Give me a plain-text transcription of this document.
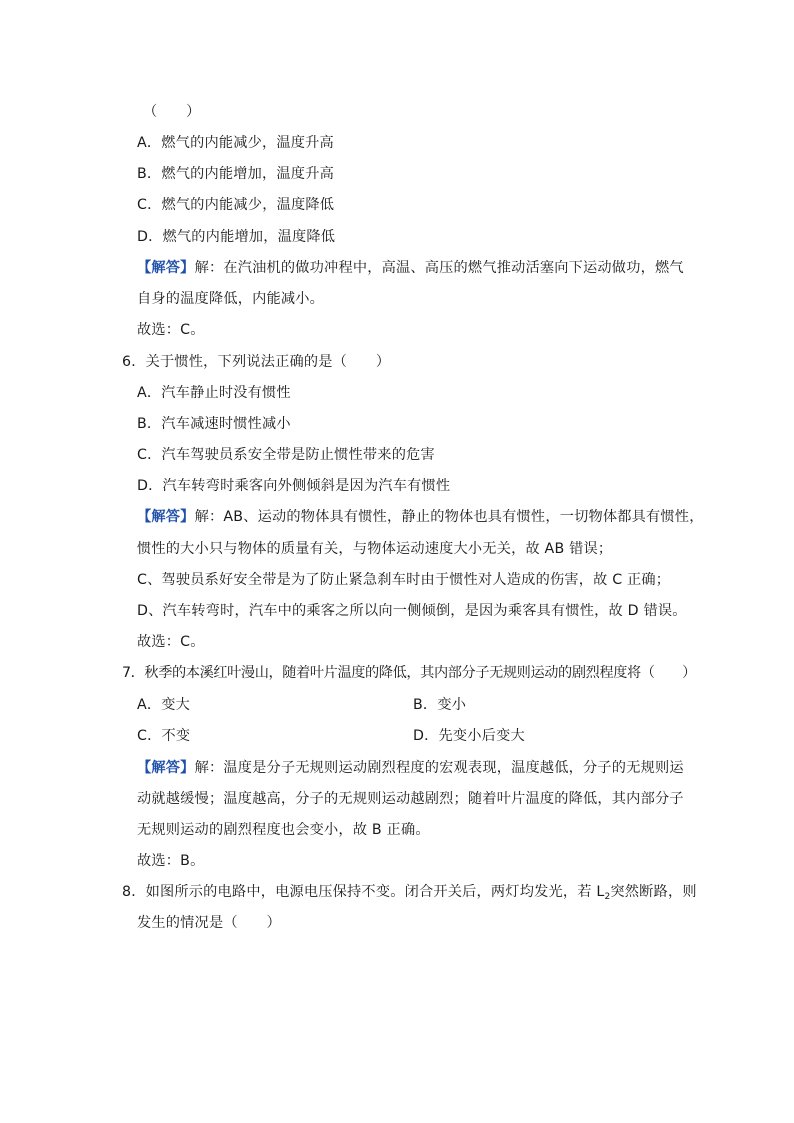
（　　）
A．燃气的内能减少，温度升高
B．燃气的内能增加，温度升高
C．燃气的内能减少，温度降低
D．燃气的内能增加，温度降低
【解答】解：在汽油机的做功冲程中，高温、高压的燃气推动活塞向下运动做功，燃气
自身的温度降低，内能减小。
故选：C。
6．关于惯性，下列说法正确的是（　　）
A．汽车静止时没有惯性
B．汽车减速时惯性减小
C．汽车驾驶员系安全带是防止惯性带来的危害
D．汽车转弯时乘客向外侧倾斜是因为汽车有惯性
【解答】解：AB、运动的物体具有惯性，静止的物体也具有惯性，一切物体都具有惯性，
惯性的大小只与物体的质量有关，与物体运动速度大小无关，故 AB 错误；
C、驾驶员系好安全带是为了防止紧急刹车时由于惯性对人造成的伤害，故 C 正确；
D、汽车转弯时，汽车中的乘客之所以向一侧倾倒，是因为乘客具有惯性，故 D 错误。
故选：C。
7．秋季的本溪红叶漫山，随着叶片温度的降低，其内部分子无规则运动的剧烈程度将（　　）
A．变大	B．变小
C．不变	D．先变小后变大
【解答】解：温度是分子无规则运动剧烈程度的宏观表现，温度越低，分子的无规则运
动就越缓慢；温度越高，分子的无规则运动越剧烈；随着叶片温度的降低，其内部分子
无规则运动的剧烈程度也会变小，故 B 正确。
故选：B。
8．如图所示的电路中，电源电压保持不变。闭合开关后，两灯均发光，若 $L_2$突然断路，则
发生的情况是（　　）
